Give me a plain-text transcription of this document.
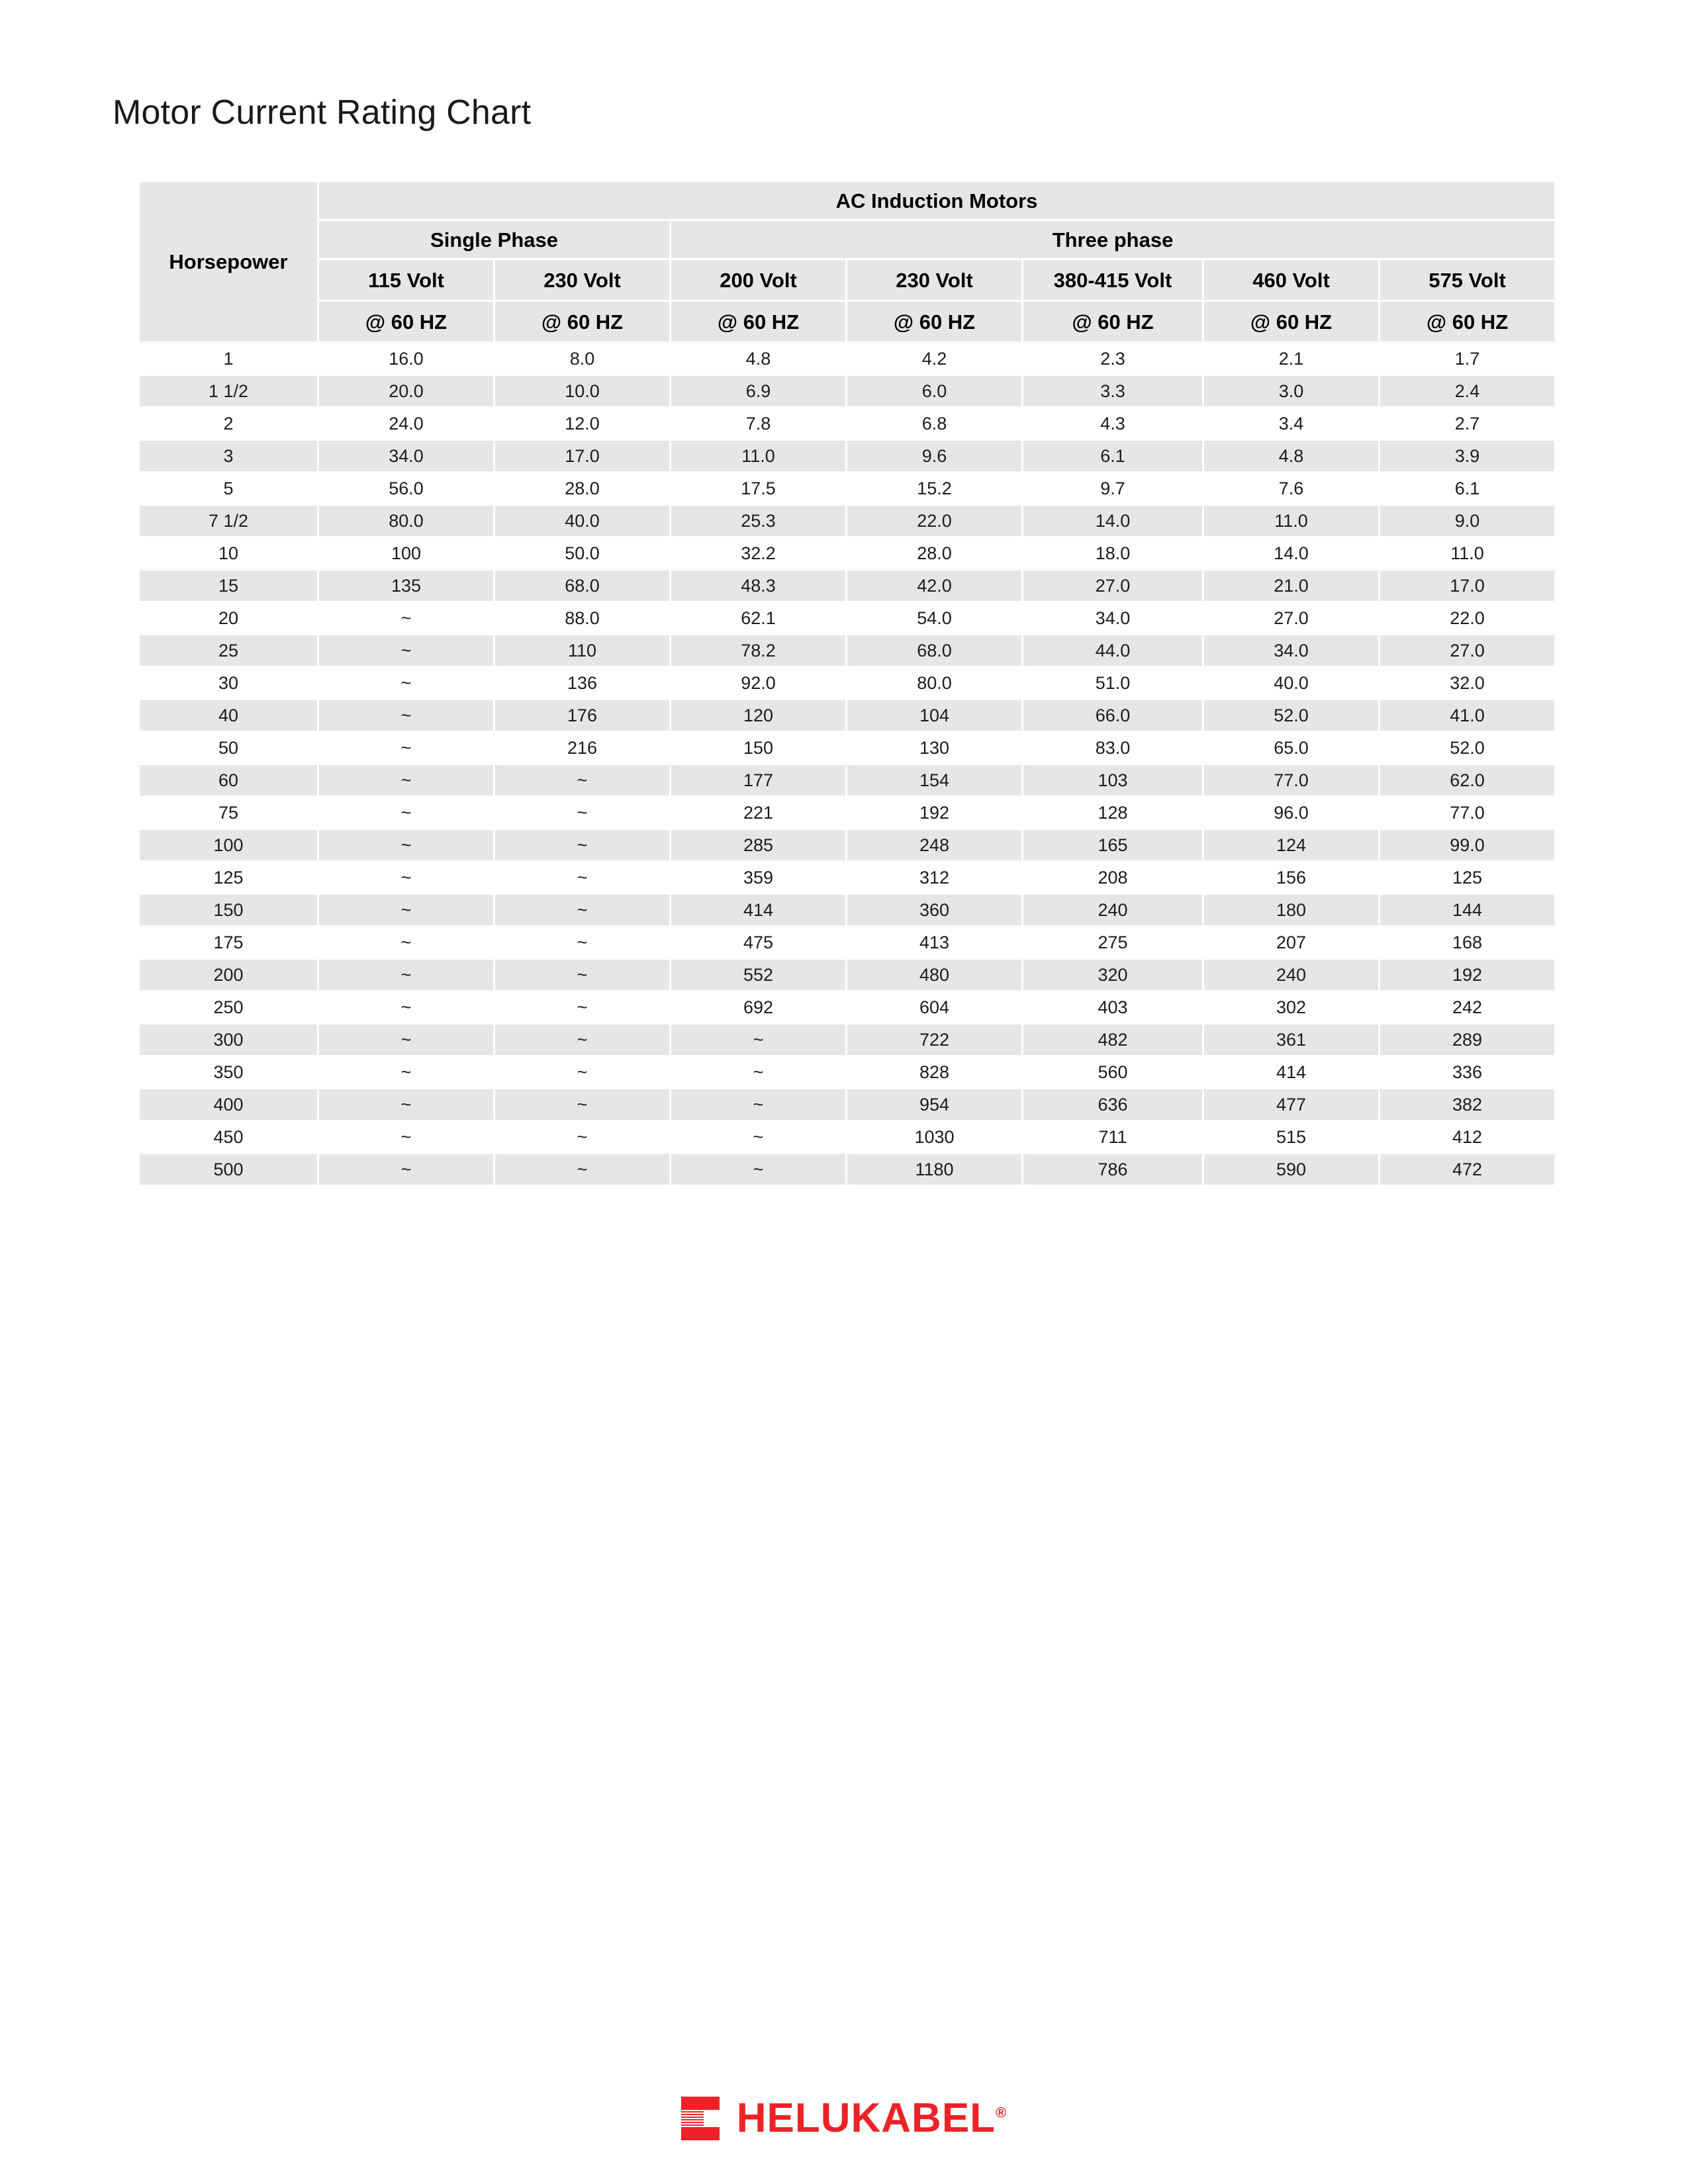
Motor Current Rating Chart
Horsepower	AC Induction Motors						
	Single Phase		Three phase				
	115 Volt	230 Volt	200 Volt	230 Volt	380-415 Volt	460 Volt	575 Volt
	@ 60 HZ	@ 60 HZ	@ 60 HZ	@ 60 HZ	@ 60 HZ	@ 60 HZ	@ 60 HZ
1	16.0	8.0	4.8	4.2	2.3	2.1	1.7
1 1/2	20.0	10.0	6.9	6.0	3.3	3.0	2.4
2	24.0	12.0	7.8	6.8	4.3	3.4	2.7
3	34.0	17.0	11.0	9.6	6.1	4.8	3.9
5	56.0	28.0	17.5	15.2	9.7	7.6	6.1
7 1/2	80.0	40.0	25.3	22.0	14.0	11.0	9.0
10	100	50.0	32.2	28.0	18.0	14.0	11.0
15	135	68.0	48.3	42.0	27.0	21.0	17.0
20	~	88.0	62.1	54.0	34.0	27.0	22.0
25	~	110	78.2	68.0	44.0	34.0	27.0
30	~	136	92.0	80.0	51.0	40.0	32.0
40	~	176	120	104	66.0	52.0	41.0
50	~	216	150	130	83.0	65.0	52.0
60	~	~	177	154	103	77.0	62.0
75	~	~	221	192	128	96.0	77.0
100	~	~	285	248	165	124	99.0
125	~	~	359	312	208	156	125
150	~	~	414	360	240	180	144
175	~	~	475	413	275	207	168
200	~	~	552	480	320	240	192
250	~	~	692	604	403	302	242
300	~	~	~	722	482	361	289
350	~	~	~	828	560	414	336
400	~	~	~	954	636	477	382
450	~	~	~	1030	711	515	412
500	~	~	~	1180	786	590	472
HELUKABEL®
